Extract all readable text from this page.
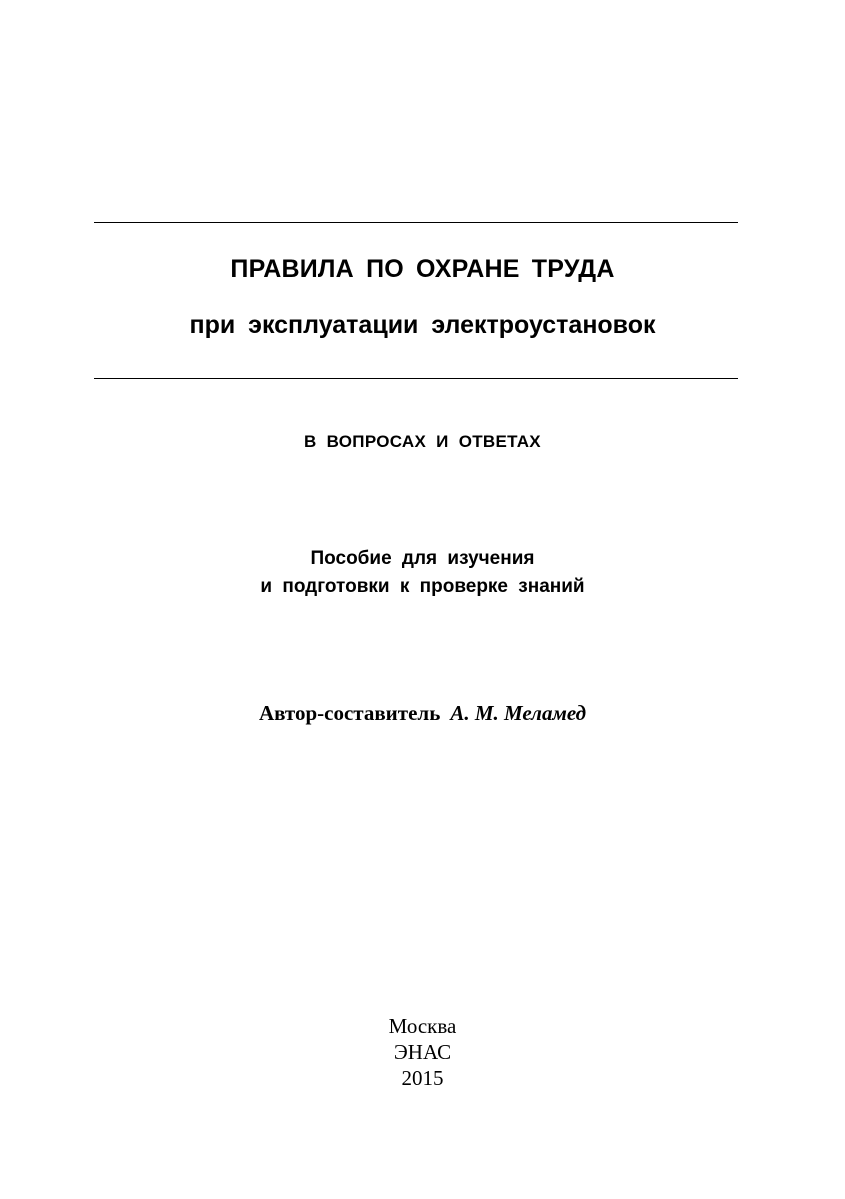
ПРАВИЛА ПО ОХРАНЕ ТРУДА
при эксплуатации электроустановок
В ВОПРОСАХ И ОТВЕТАХ
Пособие для изучения
и подготовки к проверке знаний
Автор-составитель А. М. Меламед
Москва
ЭНАС
2015
